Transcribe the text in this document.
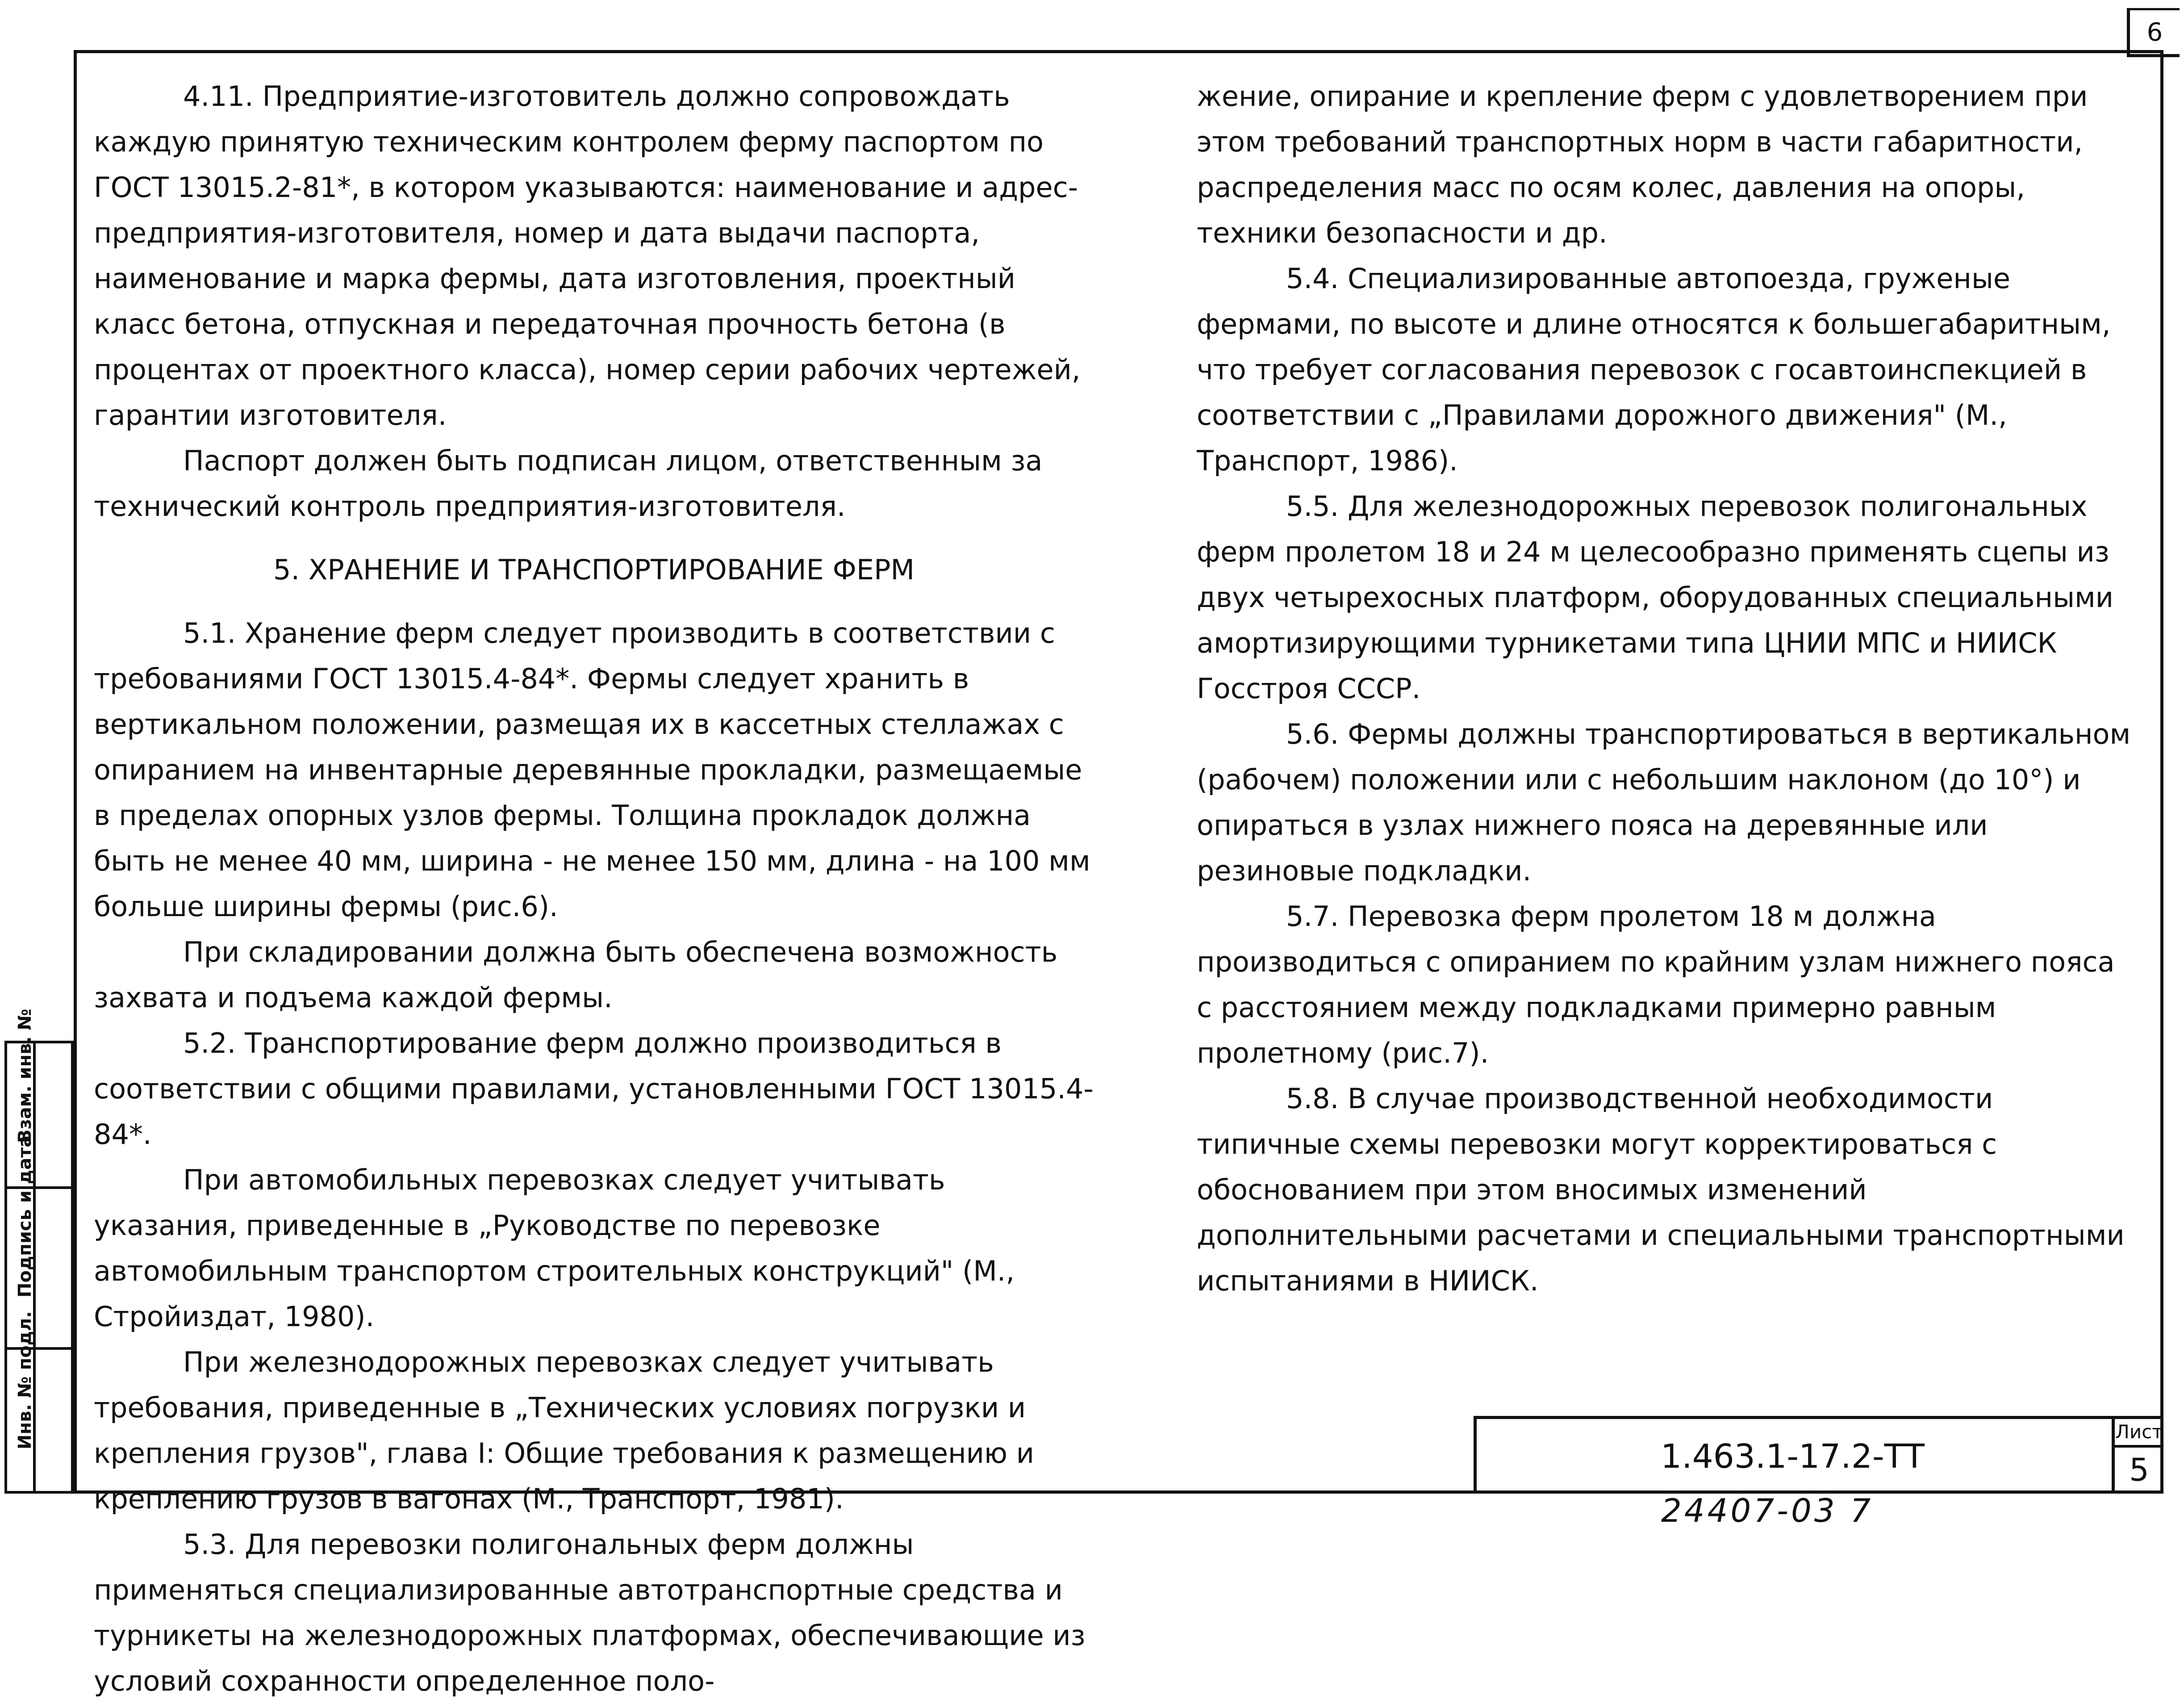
6

4.11. Предприятие-изготовитель должно сопровождать каждую принятую техническим контролем ферму паспортом по ГОСТ 13015.2-81*, в котором указываются: наименование и адрес-предприятия-изготовителя, номер и дата выдачи паспорта, наименование и марка фермы, дата изготовления, проектный класс бетона, отпускная и передаточная прочность бетона (в процентах от проектного класса), номер серии рабочих чертежей, гарантии изготовителя.

Паспорт должен быть подписан лицом, ответственным за технический контроль предприятия-изготовителя.

5. ХРАНЕНИЕ И ТРАНСПОРТИРОВАНИЕ ФЕРМ

5.1. Хранение ферм следует производить в соответствии с требованиями ГОСТ 13015.4-84*. Фермы следует хранить в вертикальном положении, размещая их в кассетных стеллажах с опиранием на инвентарные деревянные прокладки, размещаемые в пределах опорных узлов фермы. Толщина прокладок должна быть не менее 40 мм, ширина - не менее 150 мм, длина - на 100 мм больше ширины фермы (рис.6).

При складировании должна быть обеспечена возможность захвата и подъема каждой фермы.

5.2. Транспортирование ферм должно производиться в соответствии с общими правилами, установленными ГОСТ 13015.4-84*.

При автомобильных перевозках следует учитывать указания, приведенные в „Руководстве по перевозке автомобильным транспортом строительных конструкций" (М., Стройиздат, 1980).

При железнодорожных перевозках следует учитывать требования, приведенные в „Технических условиях погрузки и крепления грузов", глава I: Общие требования к размещению и креплению грузов в вагонах (М., Транспорт, 1981).

5.3. Для перевозки полигональных ферм должны применяться специализированные автотранспортные средства и турникеты на железнодорожных платформах, обеспечивающие из условий сохранности определенное поло-

жение, опирание и крепление ферм с удовлетворением при этом требований транспортных норм в части габаритности, распределения масс по осям колес, давления на опоры, техники безопасности и др.

5.4. Специализированные автопоезда, груженые фермами, по высоте и длине относятся к большегабаритным, что требует согласования перевозок с госавтоинспекцией в соответствии с „Правилами дорожного движения" (М., Транспорт, 1986).

5.5. Для железнодорожных перевозок полигональных ферм пролетом 18 и 24 м целесообразно применять сцепы из двух четырехосных платформ, оборудованных специальными амортизирующими турникетами типа ЦНИИ МПС и НИИСК Госстроя СССР.

5.6. Фермы должны транспортироваться в вертикальном (рабочем) положении или с небольшим наклоном (до 10°) и опираться в узлах нижнего пояса на деревянные или резиновые подкладки.

5.7. Перевозка ферм пролетом 18 м должна производиться с опиранием по крайним узлам нижнего пояса с расстоянием между подкладками примерно равным пролетному (рис.7).

5.8. В случае производственной необходимости типичные схемы перевозки могут корректироваться с обоснованием при этом вносимых изменений дополнительными расчетами и специальными транспортными испытаниями в НИИСК.

Взам. инв. №
Подпись и дата
Инв. № подл.
1.463.1-17.2-ТТ
Лист
5
24407-03 7
